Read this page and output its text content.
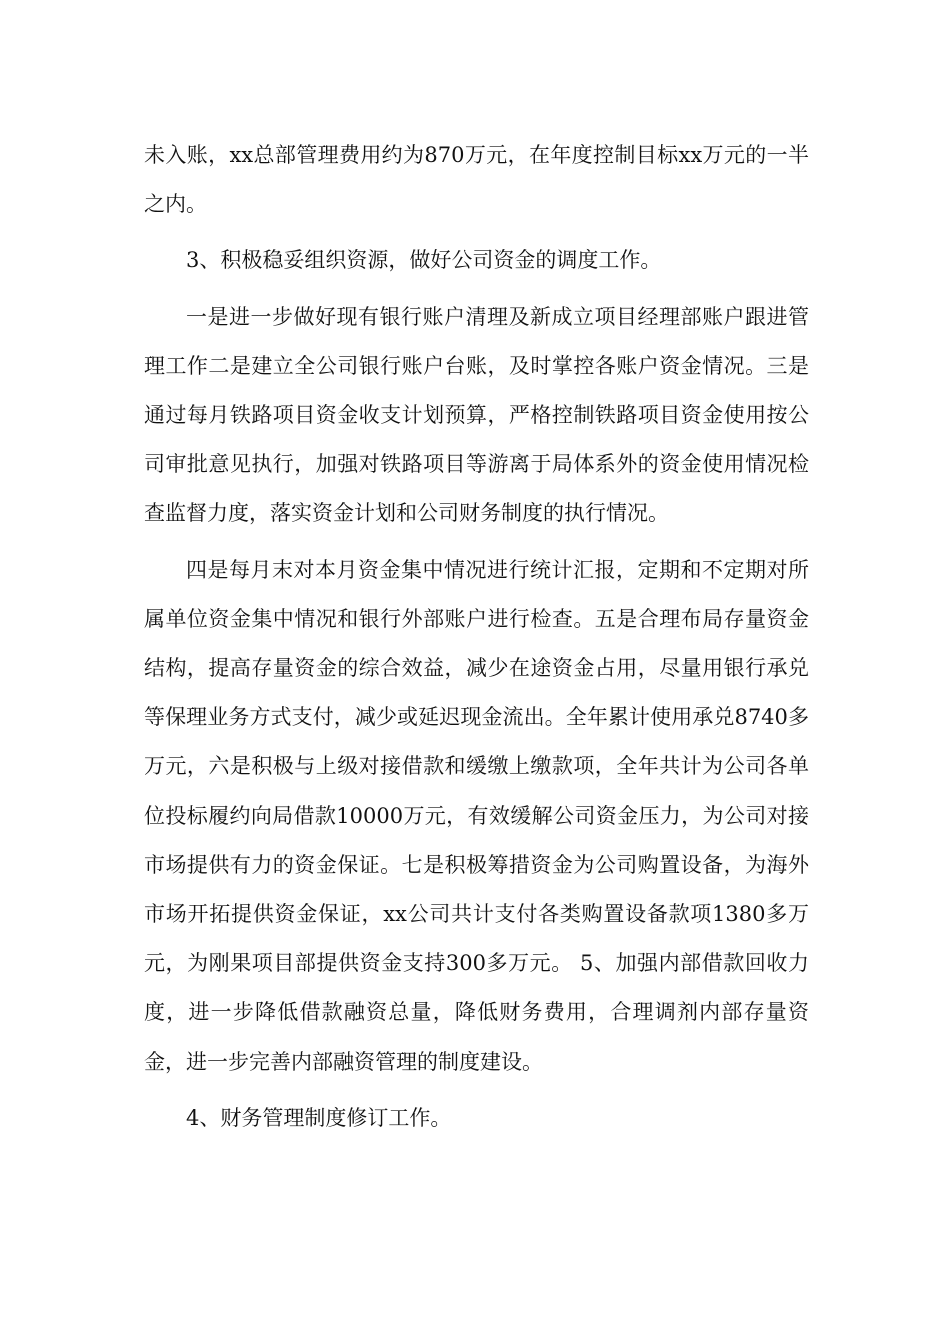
未入账，xx总部管理费用约为870万元，在年度控制目标xx万元的一半之内。

3、积极稳妥组织资源，做好公司资金的调度工作。

一是进一步做好现有银行账户清理及新成立项目经理部账户跟进管理工作二是建立全公司银行账户台账，及时掌控各账户资金情况。三是通过每月铁路项目资金收支计划预算，严格控制铁路项目资金使用按公司审批意见执行，加强对铁路项目等游离于局体系外的资金使用情况检查监督力度，落实资金计划和公司财务制度的执行情况。

四是每月末对本月资金集中情况进行统计汇报，定期和不定期对所属单位资金集中情况和银行外部账户进行检查。五是合理布局存量资金结构，提高存量资金的综合效益，减少在途资金占用，尽量用银行承兑等保理业务方式支付，减少或延迟现金流出。全年累计使用承兑8740多万元，六是积极与上级对接借款和缓缴上缴款项，全年共计为公司各单位投标履约向局借款10000万元，有效缓解公司资金压力，为公司对接市场提供有力的资金保证。七是积极筹措资金为公司购置设备，为海外市场开拓提供资金保证，xx公司共计支付各类购置设备款项1380多万元，为刚果项目部提供资金支持300多万元。 5、加强内部借款回收力度，进一步降低借款融资总量，降低财务费用，合理调剂内部存量资金，进一步完善内部融资管理的制度建设。

4、财务管理制度修订工作。
